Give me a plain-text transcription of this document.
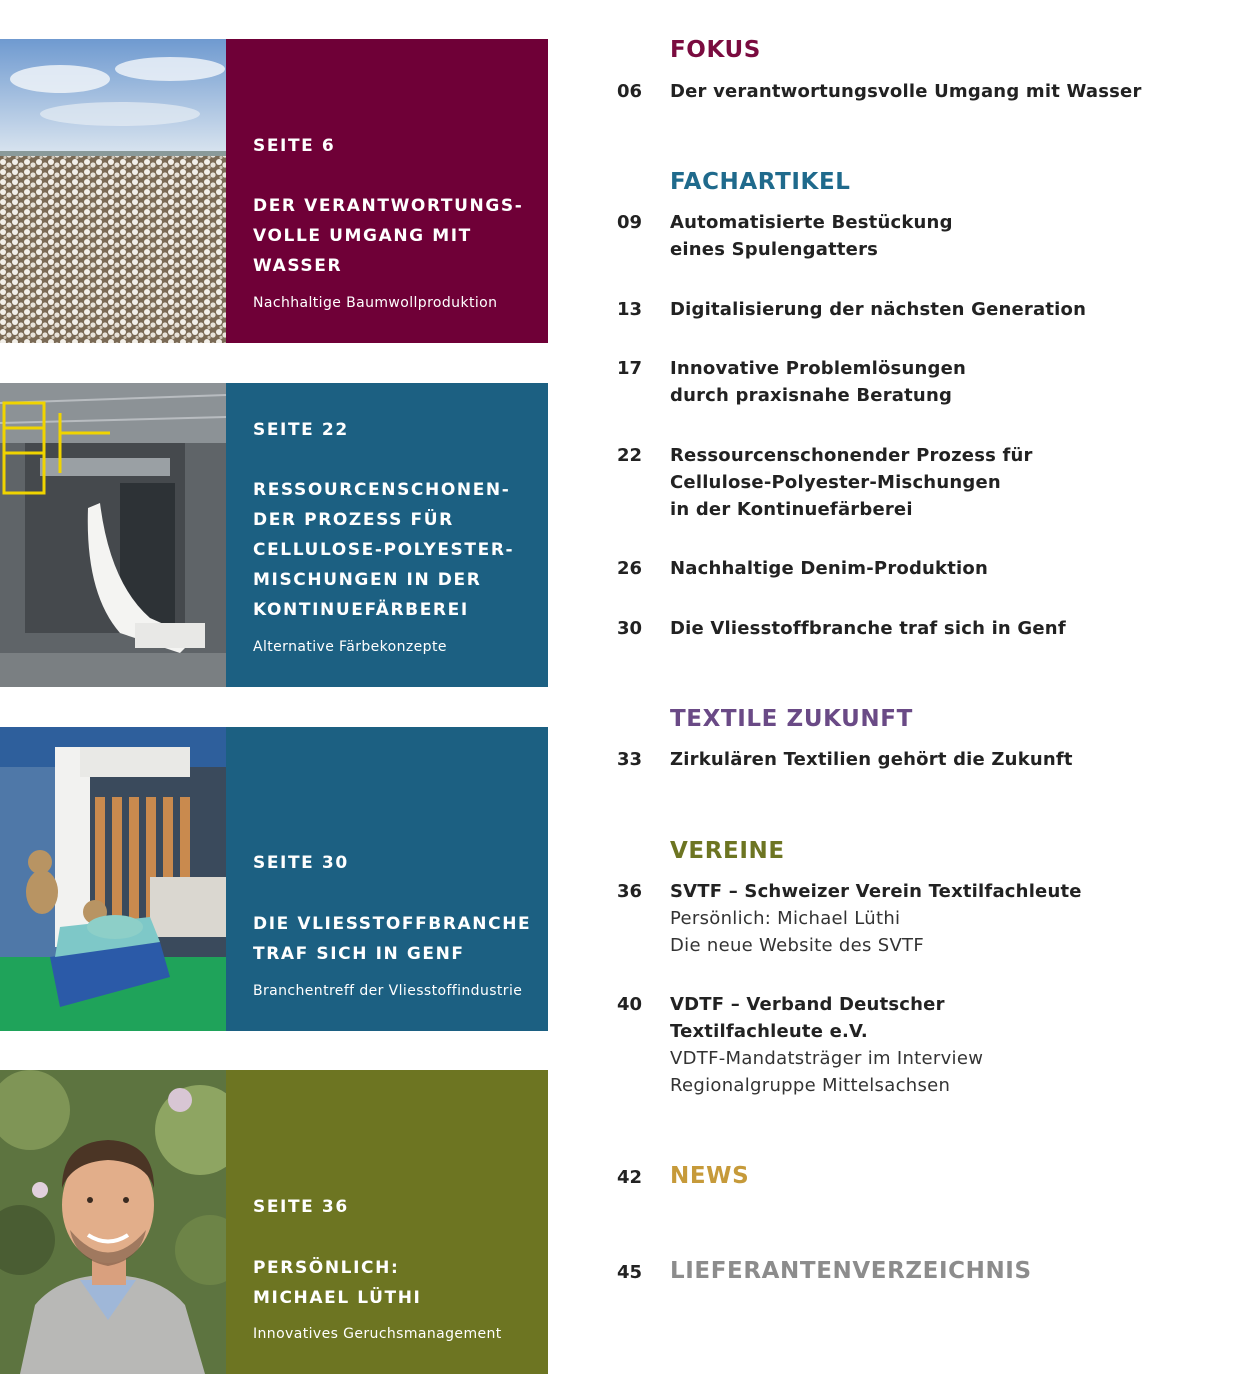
SEITE 6
DER VERANTWORTUNGS-
VOLLE UMGANG MIT
WASSER
Nachhaltige Baumwollproduktion
SEITE 22
RESSOURCENSCHONEN-
DER PROZESS FÜR
CELLULOSE-POLYESTER-
MISCHUNGEN IN DER
KONTINUEFÄRBEREI
Alternative Färbekonzepte
SEITE 30
DIE VLIESSTOFFBRANCHE
TRAF SICH IN GENF
Branchentreff der Vliesstoffindustrie
SEITE 36
PERSÖNLICH:
MICHAEL LÜTHI
Innovatives Geruchsmanagement
FOKUS
06 Der verantwortungsvolle Umgang mit Wasser
FACHARTIKEL
09 Automatisierte Bestückung
eines Spulengatters
13 Digitalisierung der nächsten Generation
17 Innovative Problemlösungen
durch praxisnahe Beratung
22 Ressourcenschonender Prozess für
Cellulose-Polyester-Mischungen
in der Kontinuefärberei
26 Nachhaltige Denim-Produktion
30 Die Vliesstoffbranche traf sich in Genf
TEXTILE ZUKUNFT
33 Zirkulären Textilien gehört die Zukunft
VEREINE
36 SVTF – Schweizer Verein Textilfachleute
Persönlich: Michael Lüthi
Die neue Website des SVTF
40 VDTF – Verband Deutscher
Textilfachleute e.V.
VDTF-Mandatsträger im Interview
Regionalgruppe Mittelsachsen
42 NEWS
45 LIEFERANTENVERZEICHNIS
